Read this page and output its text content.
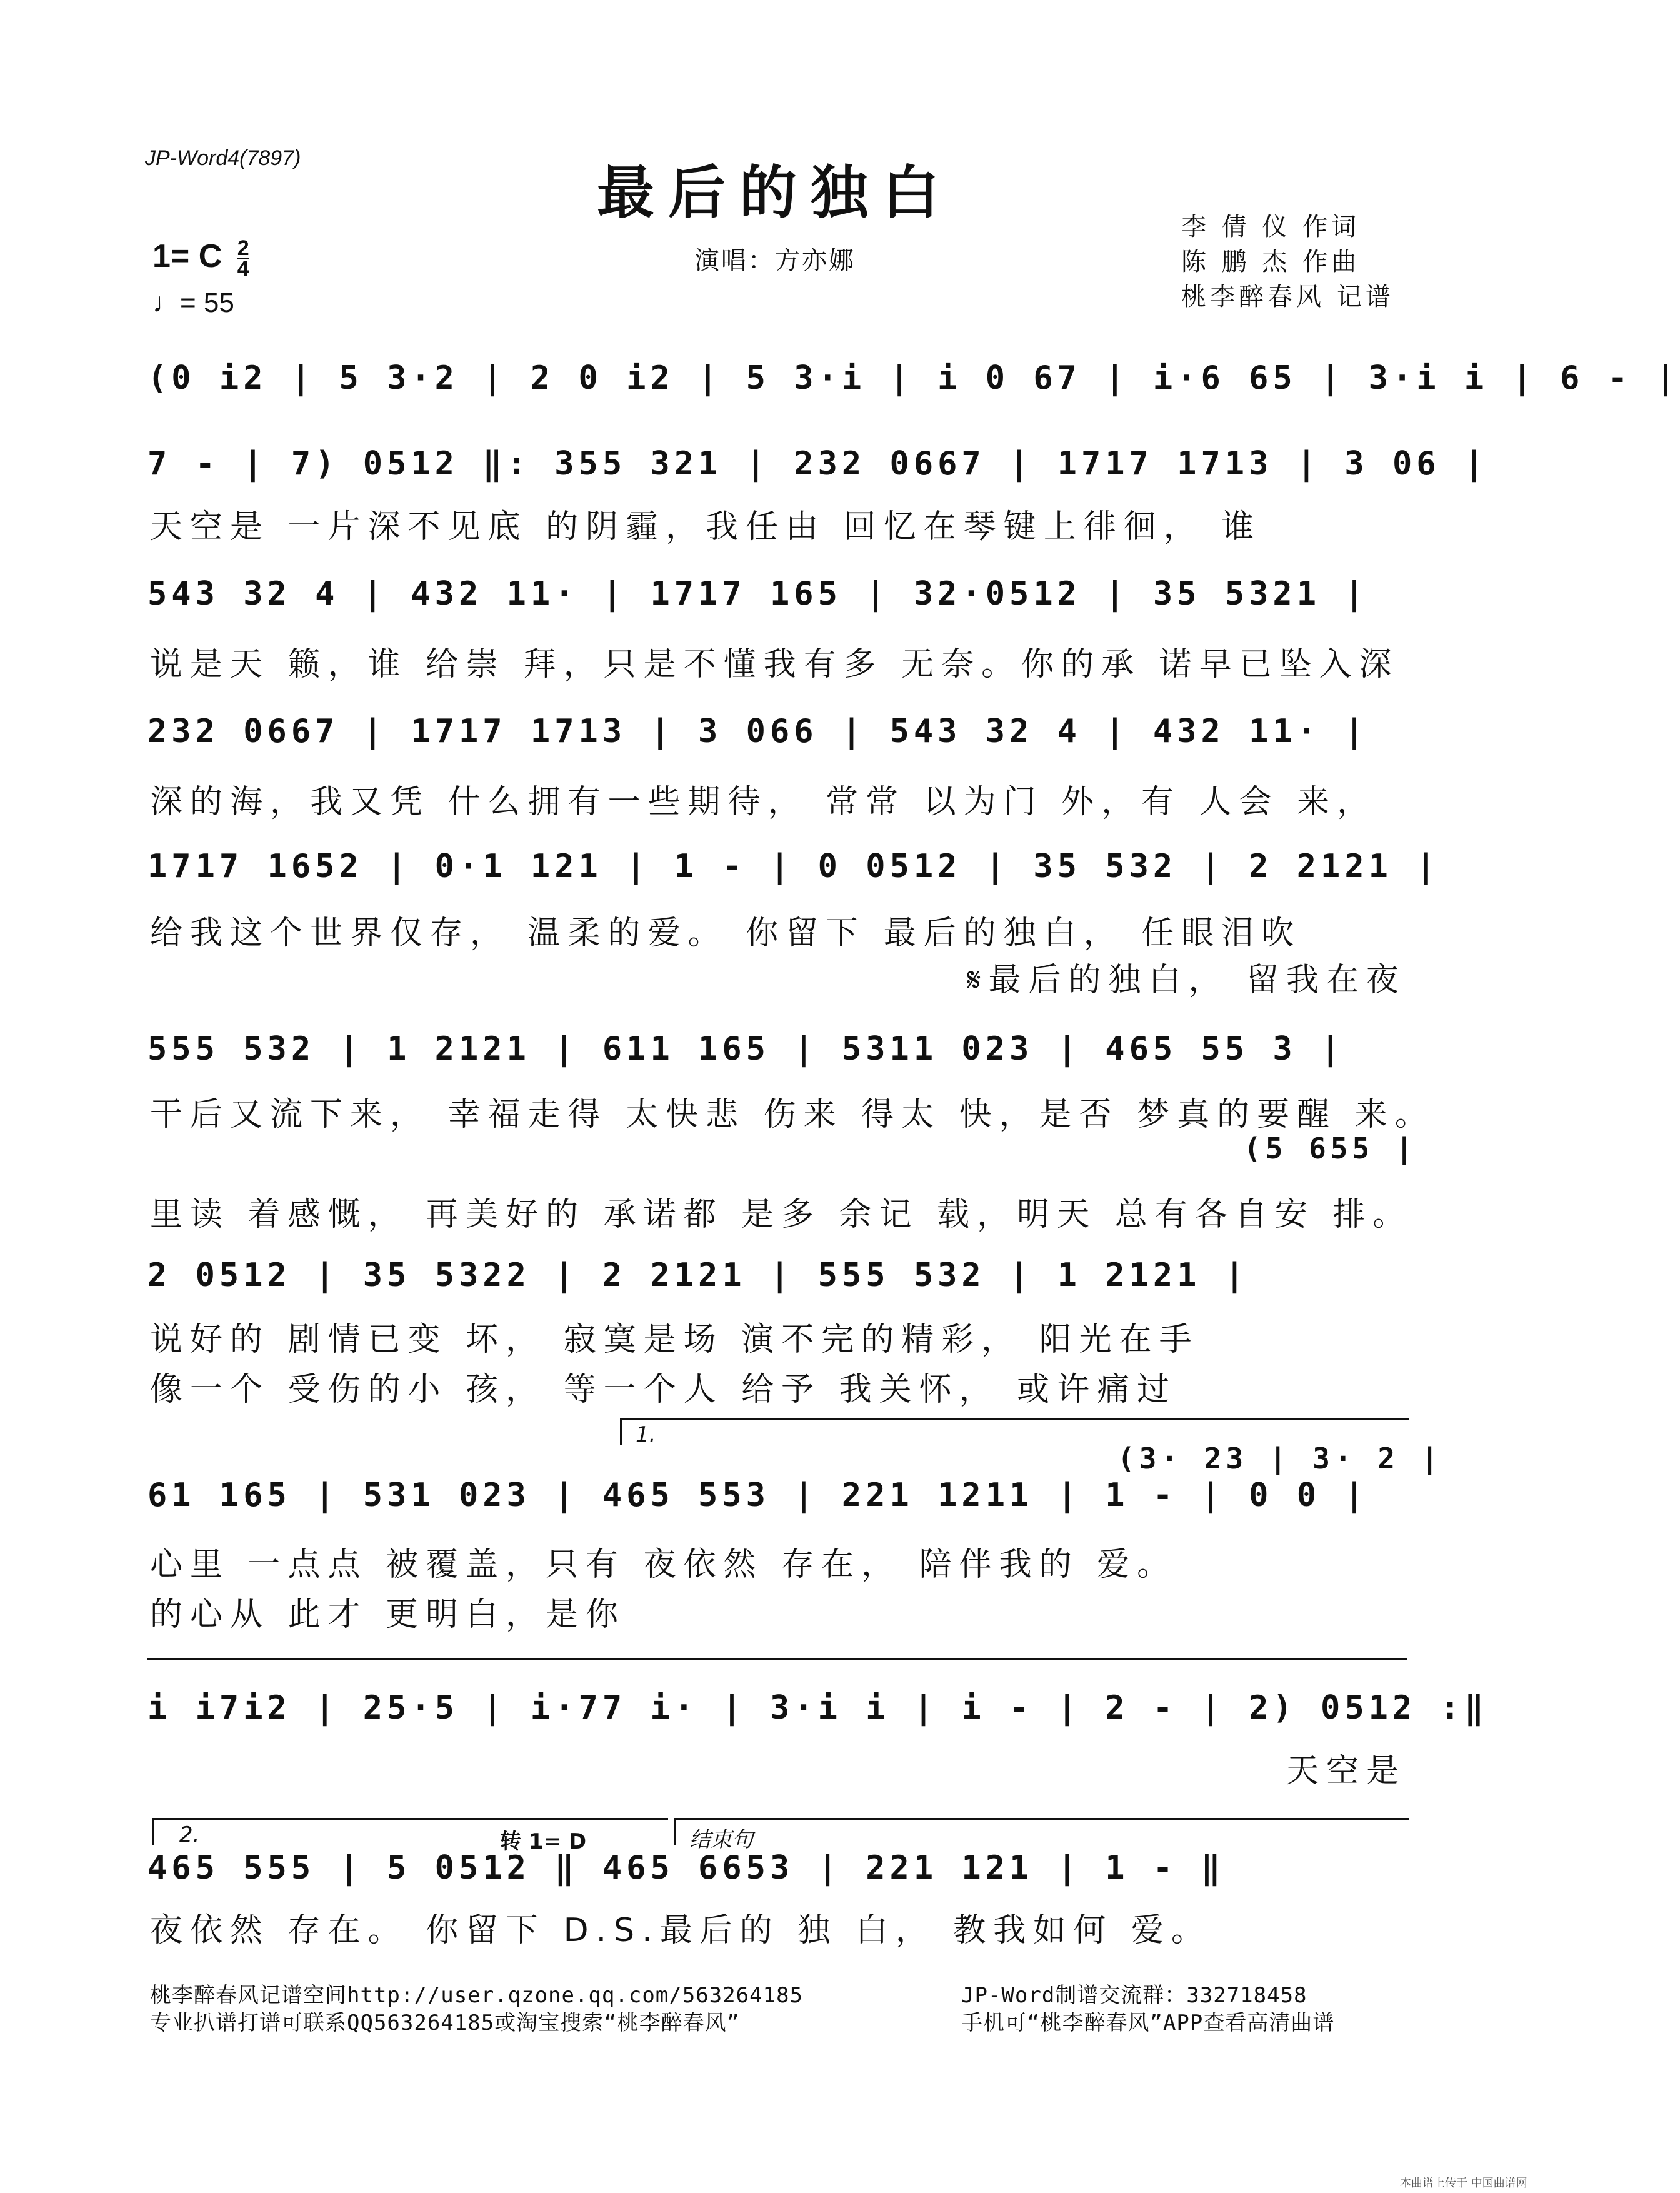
JP-Word4(7897)
最后的独白
演唱：方亦娜
李 倩 仪 作词
陈 鹏 杰 作曲
桃李醉春风 记谱
1= C $\frac{2}{4}$
♩= 55
(0 i2 | 5 3·2 | 2 0 i2 | 5 3·i | i 0 67 | i·6 65 | 3·i i | 6 - |
7 - | 7) 0512 ‖: 355 321 | 232 0667 | 1717 1713 | 3 06 |
天空是 一片深不见底 的阴霾，我任由 回忆在琴键上徘徊， 谁
543 32 4 | 432 11· | 1717 165 | 32·0512 | 35 5321 |
说是天 籁，谁 给崇 拜，只是不懂我有多 无奈。你的承 诺早已坠入深
232 0667 | 1717 1713 | 3 066 | 543 32 4 | 432 11· |
深的海，我又凭 什么拥有一些期待， 常常 以为门 外，有 人会 来，
1717 1652 | 0·1 121 | 1 - | 0 0512 | 35 532 | 2 2121 |
给我这个世界仅存， 温柔的爱。 你留下 最后的独白， 任眼泪吹
𝄋最后的独白， 留我在夜
555 532 | 1 2121 | 611 165 | 5311 023 | 465 55 3 |
干后又流下来， 幸福走得 太快悲 伤来 得太 快，是否 梦真的要醒 来。
(5 655 |
里读 着感慨， 再美好的 承诺都 是多 余记 载，明天 总有各自安 排。
2 0512 | 35 5322 | 2 2121 | 555 532 | 1 2121 |
说好的 剧情已变 坏， 寂寞是场 演不完的精彩， 阳光在手
像一个 受伤的小 孩， 等一个人 给予 我关怀， 或许痛过
1.
(3· 23 | 3· 2 |
61 165 | 531 023 | 465 553 | 221 1211 | 1 - | 0 0 |
心里 一点点 被覆盖，只有 夜依然 存在， 陪伴我的 爱。
的心从 此才 更明白，是你
i i7i2 | 25·5 | i·77 i· | 3·i i | i - | 2 - | 2) 0512 :‖
天空是
2.	转 1= D	结束句
465 555 | 5 0512 ‖ 465 6653 | 221 121 | 1 - ‖
夜依然 存在。 你留下 D.S.最后的 独 白， 教我如何 爱。
桃李醉春风记谱空间http://user.qzone.qq.com/563264185
专业扒谱打谱可联系QQ563264185或淘宝搜索“桃李醉春风”
JP-Word制谱交流群：332718458
手机可“桃李醉春风”APP查看高清曲谱
本曲谱上传于 中国曲谱网
